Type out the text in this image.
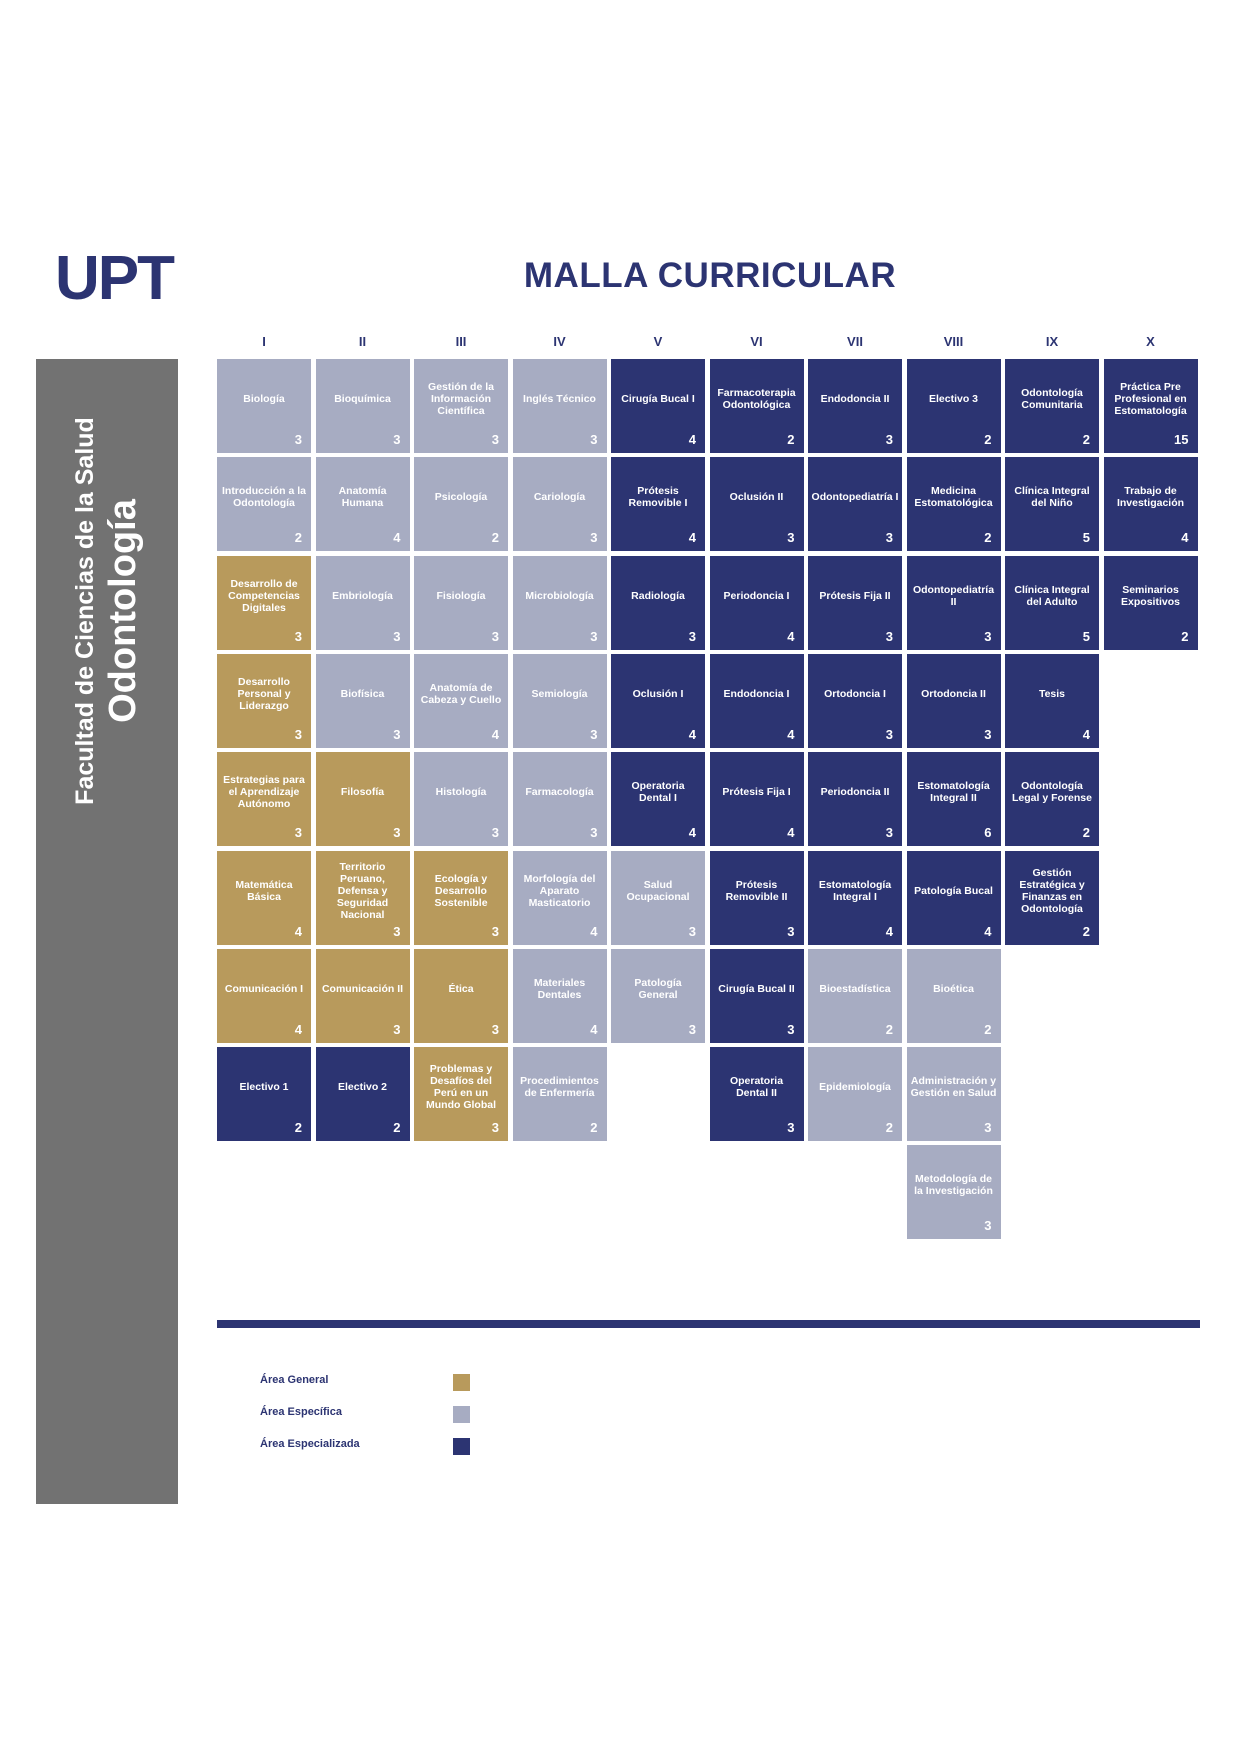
UPT	MALLA CURRICULAR
Facultad de Ciencias de la Salud Odontología
I
Biología
3
Introducción a la Odontología
2
Desarrollo de Competencias Digitales
3
Desarrollo Personal y Liderazgo
3
Estrategias para el Aprendizaje Autónomo
3
Matemática Básica
4
Comunicación I
4
Electivo 1
2
II
Bioquímica
3
Anatomía Humana
4
Embriología
3
Biofísica
3
Filosofía
3
Territorio Peruano, Defensa y Seguridad Nacional
3
Comunicación II
3
Electivo 2
2
III
Gestión de la Información Científica
3
Psicología
2
Fisiología
3
Anatomía de Cabeza y Cuello
4
Histología
3
Ecología y Desarrollo Sostenible
3
Ética
3
Problemas y Desafíos del Perú en un Mundo Global
3
IV
Inglés Técnico
3
Cariología
3
Microbiología
3
Semiología
3
Farmacología
3
Morfología del Aparato Masticatorio
4
Materiales Dentales
4
Procedimientos de Enfermería
2
V
Cirugía Bucal I
4
Prótesis Removible I
4
Radiología
3
Oclusión I
4
Operatoria Dental I
4
Salud Ocupacional
3
Patología General
3
VI
Farmacoterapia Odontológica
2
Oclusión II
3
Periodoncia I
4
Endodoncia I
4
Prótesis Fija I
4
Prótesis Removible II
3
Cirugía Bucal II
3
Operatoria Dental II
3
VII
Endodoncia II
3
Odontopediatría I
3
Prótesis Fija II
3
Ortodoncia I
3
Periodoncia II
3
Estomatología Integral I
4
Bioestadística
2
Epidemiología
2
VIII
Electivo 3
2
Medicina Estomatológica
2
Odontopediatría II
3
Ortodoncia II
3
Estomatología Integral II
6
Patología Bucal
4
Bioética
2
Administración y Gestión en Salud
3
Metodología de la Investigación
3
IX
Odontología Comunitaria
2
Clínica Integral del Niño
5
Clínica Integral del Adulto
5
Tesis
4
Odontología Legal y Forense
2
Gestión Estratégica y Finanzas en Odontología
2
X
Práctica Pre Profesional en Estomatología
15
Trabajo de Investigación
4
Seminarios Expositivos
2
Área General
Área Específica
Área Especializada
